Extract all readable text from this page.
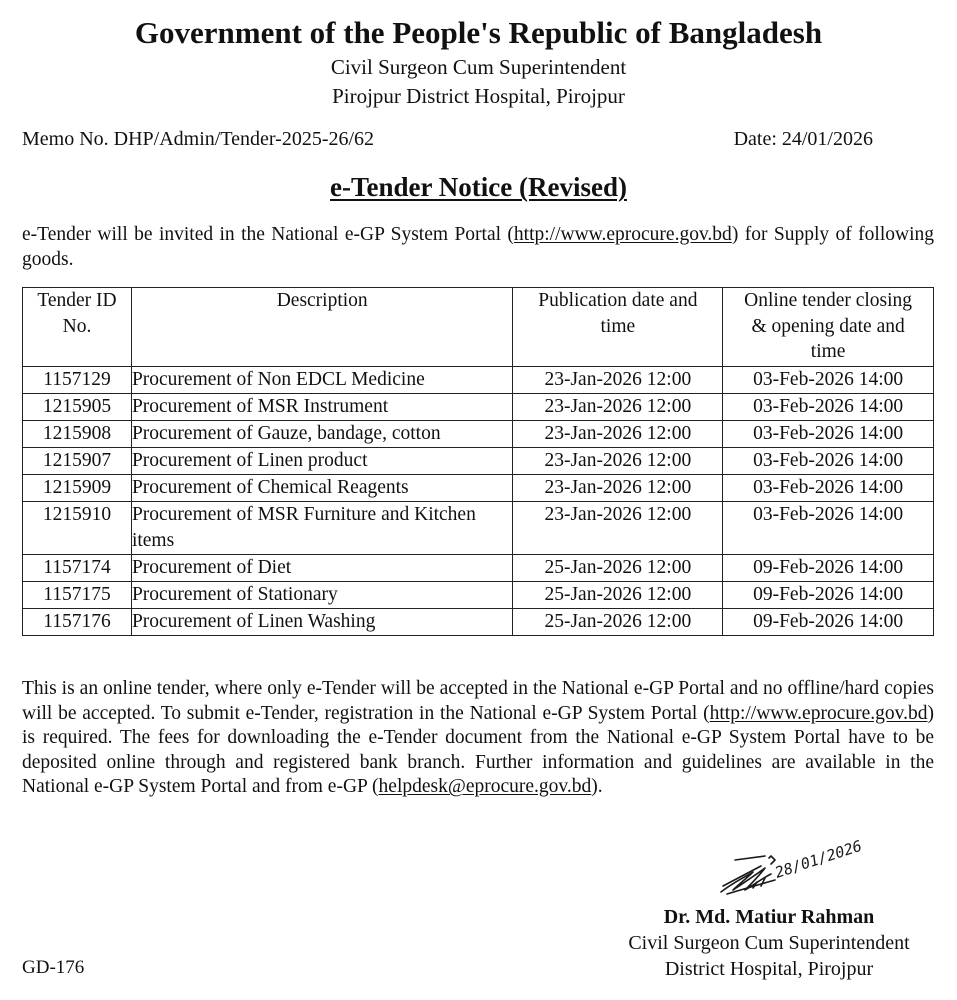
Government of the People's Republic of Bangladesh
Civil Surgeon Cum Superintendent
Pirojpur District Hospital, Pirojpur
Memo No. DHP/Admin/Tender-2025-26/62	Date: 24/01/2026
e-Tender Notice (Revised)
e-Tender will be invited in the National e-GP System Portal (http://www.eprocure.gov.bd) for Supply of following goods.
Tender ID No.	Description	Publication date and time	Online tender closing & opening date and time
1157129	Procurement of Non EDCL Medicine	23-Jan-2026 12:00	03-Feb-2026 14:00
1215905	Procurement of MSR Instrument	23-Jan-2026 12:00	03-Feb-2026 14:00
1215908	Procurement of Gauze, bandage, cotton	23-Jan-2026 12:00	03-Feb-2026 14:00
1215907	Procurement of Linen product	23-Jan-2026 12:00	03-Feb-2026 14:00
1215909	Procurement of Chemical Reagents	23-Jan-2026 12:00	03-Feb-2026 14:00
1215910	Procurement of MSR Furniture and Kitchen items	23-Jan-2026 12:00	03-Feb-2026 14:00
1157174	Procurement of Diet	25-Jan-2026 12:00	09-Feb-2026 14:00
1157175	Procurement of Stationary	25-Jan-2026 12:00	09-Feb-2026 14:00
1157176	Procurement of Linen Washing	25-Jan-2026 12:00	09-Feb-2026 14:00
This is an online tender, where only e-Tender will be accepted in the National e-GP Portal and no offline/hard copies will be accepted. To submit e-Tender, registration in the National e-GP System Portal (http://www.eprocure.gov.bd) is required. The fees for downloading the e-Tender document from the National e-GP System Portal have to be deposited online through and registered bank branch. Further information and guidelines are available in the National e-GP System Portal and from e-GP (helpdesk@eprocure.gov.bd).
28/01/2026
Dr. Md. Matiur Rahman
Civil Surgeon Cum Superintendent
District Hospital, Pirojpur
GD-176
